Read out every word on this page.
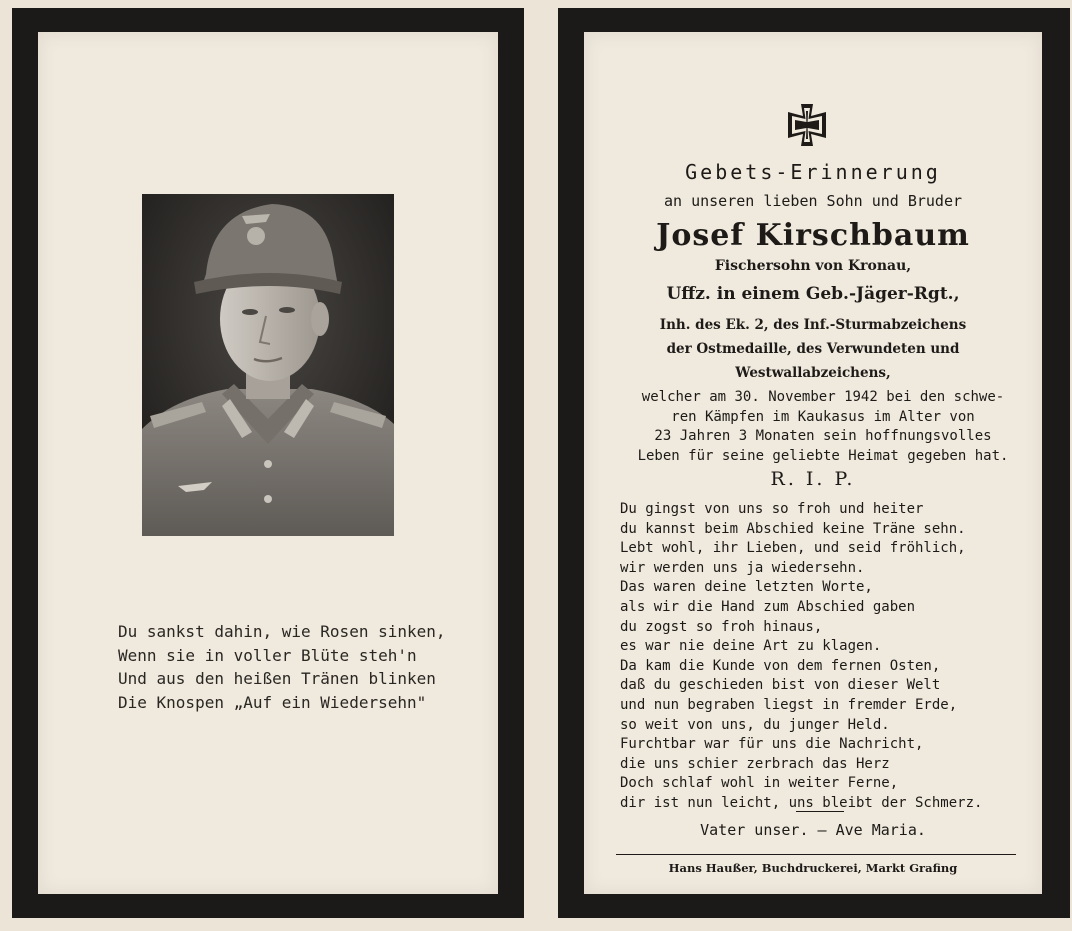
Du sankst dahin, wie Rosen sinken,
Wenn sie in voller Blüte steh'n
Und aus den heißen Tränen blinken
Die Knospen „Auf ein Wiedersehn"
Gebets-Erinnerung
an unseren lieben Sohn und Bruder
Josef Kirschbaum
Fischersohn von Kronau,
Uffz. in einem Geb.-Jäger-Rgt.,
Inh. des Ek. 2, des Inf.-Sturmabzeichens
der Ostmedaille, des Verwundeten und
Westwallabzeichens,
welcher am 30. November 1942 bei den schwe-
ren Kämpfen im Kaukasus im Alter von
23 Jahren 3 Monaten sein hoffnungsvolles
Leben für seine geliebte Heimat gegeben hat.
R. I. P.
Du gingst von uns so froh und heiter
du kannst beim Abschied keine Träne sehn.
Lebt wohl, ihr Lieben, und seid fröhlich,
wir werden uns ja wiedersehn.
Das waren deine letzten Worte,
als wir die Hand zum Abschied gaben
du zogst so froh hinaus,
es war nie deine Art zu klagen.
Da kam die Kunde von dem fernen Osten,
daß du geschieden bist von dieser Welt
und nun begraben liegst in fremder Erde,
so weit von uns, du junger Held.
Furchtbar war für uns die Nachricht,
die uns schier zerbrach das Herz
Doch schlaf wohl in weiter Ferne,
dir ist nun leicht, uns bleibt der Schmerz.
Vater unser. — Ave Maria.
Hans Haußer, Buchdruckerei, Markt Grafing
